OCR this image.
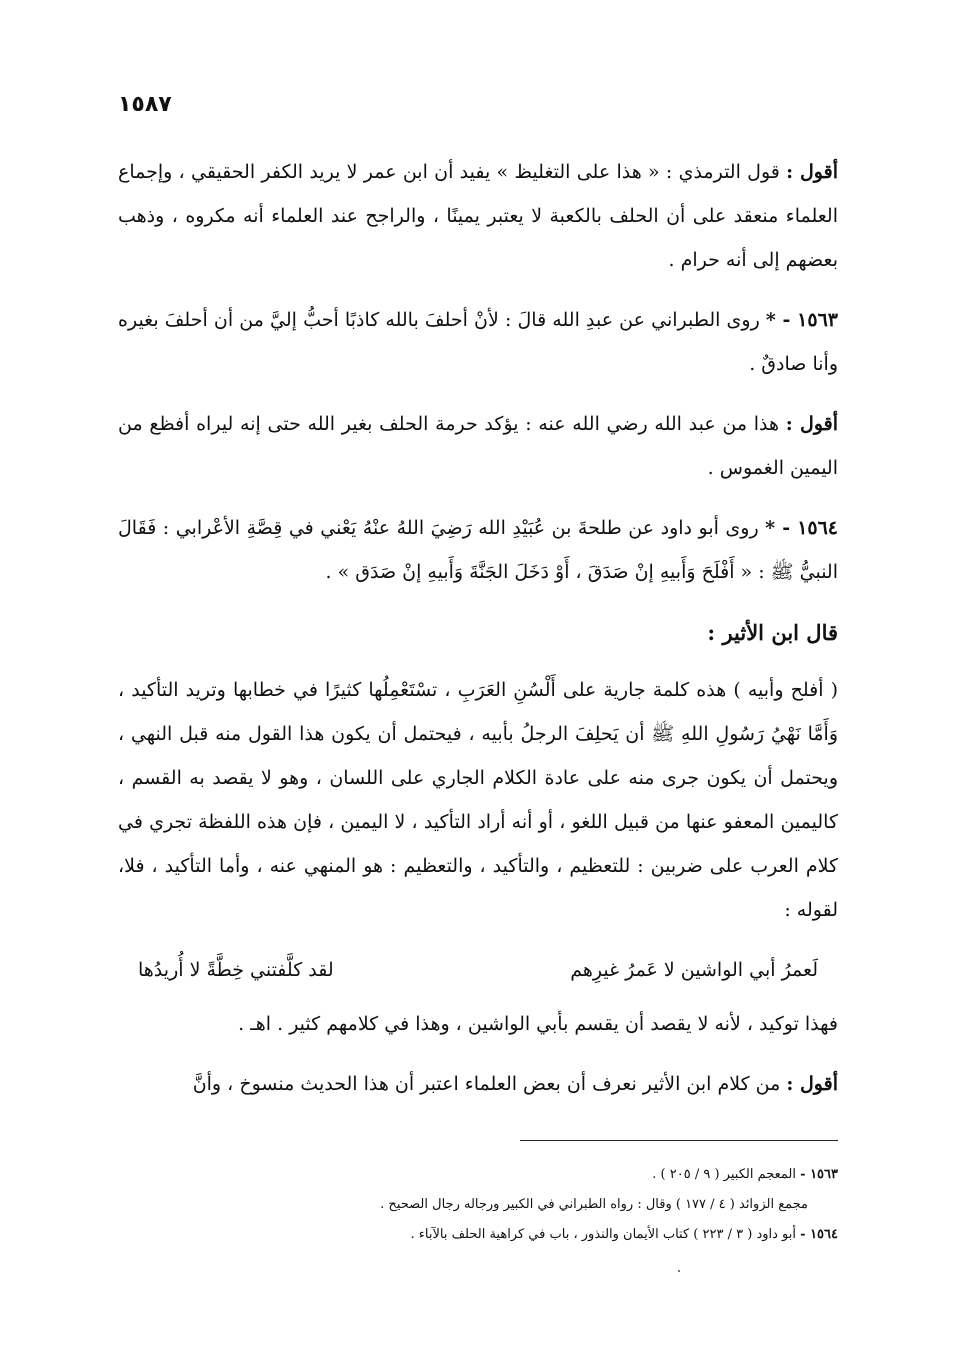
١٥٨٧

أقول : قول الترمذي : « هذا على التغليظ » يفيد أن ابن عمر لا يريد الكفر الحقيقي ، وإجماع العلماء منعقد على أن الحلف بالكعبة لا يعتبر يمينًا ، والراجح عند العلماء أنه مكروه ، وذهب بعضهم إلى أنه حرام .

١٥٦٣ - * روى الطبراني عن عبدِ الله قالَ : لأنْ أحلفَ بالله كاذبًا أحبُّ إليَّ من أن أحلفَ بغيره وأنا صادقٌ .

أقول : هذا من عبد الله رضي الله عنه : يؤكد حرمة الحلف بغير الله حتى إنه ليراه أفظع من اليمين الغموس .

١٥٦٤ - * روى أبو داود عن طلحةَ بن عُبَيْدِ الله رَضِيَ اللهُ عنْهُ يَعْني في قِصَّةِ الأعْرابي : فَقَالَ النبيُّ ﷺ : « أَفْلَحَ وَأَبيهِ إنْ صَدَقَ ، أَوْ دَخَلَ الجَنَّةَ وَأَبيهِ إنْ صَدَق » .

قال ابن الأثير :

( أفلح وأبيه ) هذه كلمة جارية على أَلْسُنِ العَرَبِ ، تسْتَعْمِلُها كثيرًا في خطابها وتريد التأكيد ، وَأَمَّا نَهْيُ رَسُولِ اللهِ ﷺ أن يَحلِفَ الرجلُ بأبيه ، فيحتمل أن يكون هذا القول منه قبل النهي ، ويحتمل أن يكون جرى منه على عادة الكلام الجاري على اللسان ، وهو لا يقصد به القسم ، كاليمين المعفو عنها من قبيل اللغو ، أو أنه أراد التأكيد ، لا اليمين ، فإن هذه اللفظة تجري في كلام العرب على ضربين : للتعظيم ، والتأكيد ، والتعظيم : هو المنهي عنه ، وأما التأكيد ، فلا، لقوله :

لَعمرُ أبي الواشين لا عَمرُ غيرِهم
لقد كلَّفتني خِطَّةً لا أُريدُها

فهذا توكيد ، لأنه لا يقصد أن يقسم بأبي الواشين ، وهذا في كلامهم كثير . اهـ .

أقول : من كلام ابن الأثير نعرف أن بعض العلماء اعتبر أن هذا الحديث منسوخ ، وأنَّ

١٥٦٣ - المعجم الكبير ( ٩ / ٢٠٥ ) .

مجمع الزوائد ( ٤ / ١٧٧ ) وقال : رواه الطبراني في الكبير ورجاله رجال الصحيح .

١٥٦٤ - أبو داود ( ٣ / ٢٢٣ ) كتاب الأيمان والنذور ، باب في كراهية الحلف بالآباء .
